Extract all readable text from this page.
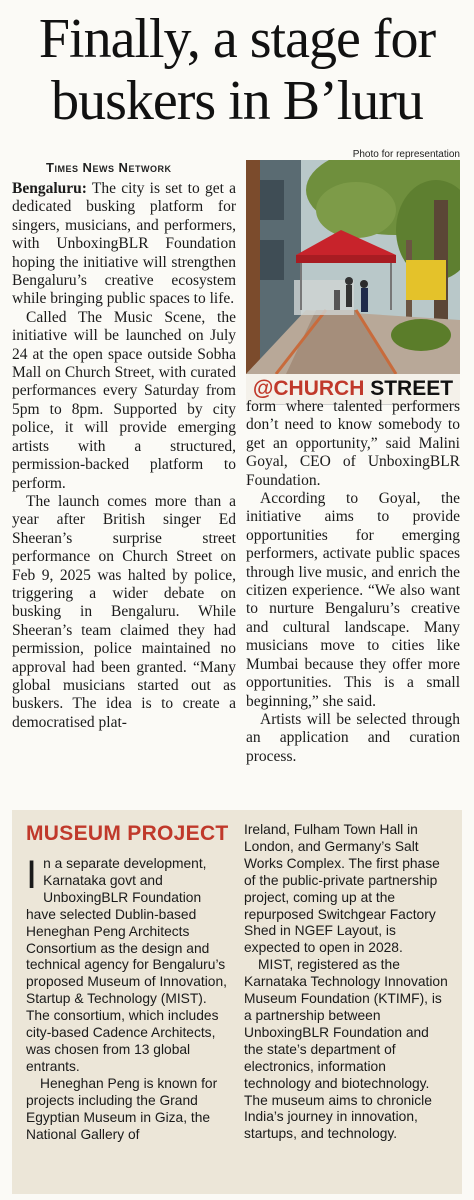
Finally, a stage for
buskers in B’luru
Times News Network
Photo for representation
@CHURCH STREET

Bengaluru: The city is set to get a dedicated busking platform for singers, musicians, and performers, with UnboxingBLR Foundation hoping the initiative will strengthen Bengaluru’s creative ecosystem while bringing public spaces to life.

Called The Music Scene, the initiative will be launched on July 24 at the open space outside Sobha Mall on Church Street, with curated performances every Saturday from 5pm to 8pm. Supported by city police, it will provide emerging artists with a structured, permission-backed platform to perform.

The launch comes more than a year after British singer Ed Sheeran’s surprise street performance on Church Street on Feb 9, 2025 was halted by police, triggering a wider debate on busking in Bengaluru. While Sheeran’s team claimed they had permission, police maintained no approval had been granted. “Many global musicians started out as buskers. The idea is to create a democratised plat-

form where talented performers don’t need to know somebody to get an opportunity,” said Malini Goyal, CEO of UnboxingBLR Foundation.

According to Goyal, the initiative aims to provide opportunities for emerging performers, activate public spaces through live music, and enrich the citizen experience. “We also want to nurture Bengaluru’s creative and cultural landscape. Many musicians move to cities like Mumbai because they offer more opportunities. This is a small beginning,” she said.

Artists will be selected through an application and curation process.

MUSEUM PROJECT

In a separate development, Karnataka govt and UnboxingBLR Foundation have selected Dublin-based Heneghan Peng Architects Consortium as the design and technical agency for Bengaluru’s proposed Museum of Innovation, Startup & Technology (MIST). The consortium, which includes city-based Cadence Architects, was chosen from 13 global entrants.

Heneghan Peng is known for projects including the Grand Egyptian Museum in Giza, the National Gallery of

Ireland, Fulham Town Hall in London, and Germany’s Salt Works Complex. The first phase of the public-private partnership project, coming up at the repurposed Switchgear Factory Shed in NGEF Layout, is expected to open in 2028.

MIST, registered as the Karnataka Technology Innovation Museum Foundation (KTIMF), is a partnership between UnboxingBLR Foundation and the state’s department of electronics, information technology and biotechnology. The museum aims to chronicle India’s journey in innovation, startups, and technology.
